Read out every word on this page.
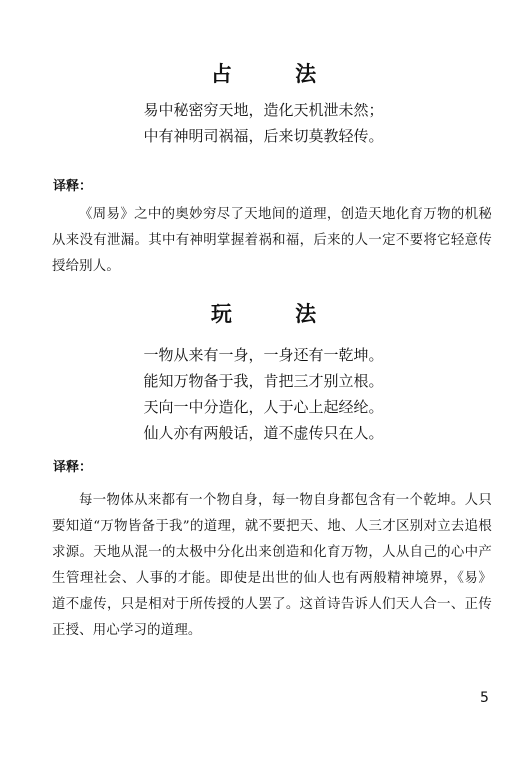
占 法
易中秘密穷天地，造化天机泄未然；
中有神明司祸福，后来切莫教轻传。
译释：
《周易》之中的奥妙穷尽了天地间的道理，创造天地化育万物的机秘从来没有泄漏。其中有神明掌握着祸和福，后来的人一定不要将它轻意传授给别人。
玩 法
一物从来有一身，一身还有一乾坤。
能知万物备于我，肯把三才别立根。
天向一中分造化，人于心上起经纶。
仙人亦有两般话，道不虚传只在人。
译释：
每一物体从来都有一个物自身，每一物自身都包含有一个乾坤。人只要知道“万物皆备于我”的道理，就不要把天、地、人三才区别对立去追根求源。天地从混一的太极中分化出来创造和化育万物，人从自己的心中产生管理社会、人事的才能。即使是出世的仙人也有两般精神境界，《易》道不虚传，只是相对于所传授的人罢了。这首诗告诉人们天人合一、正传正授、用心学习的道理。
5
